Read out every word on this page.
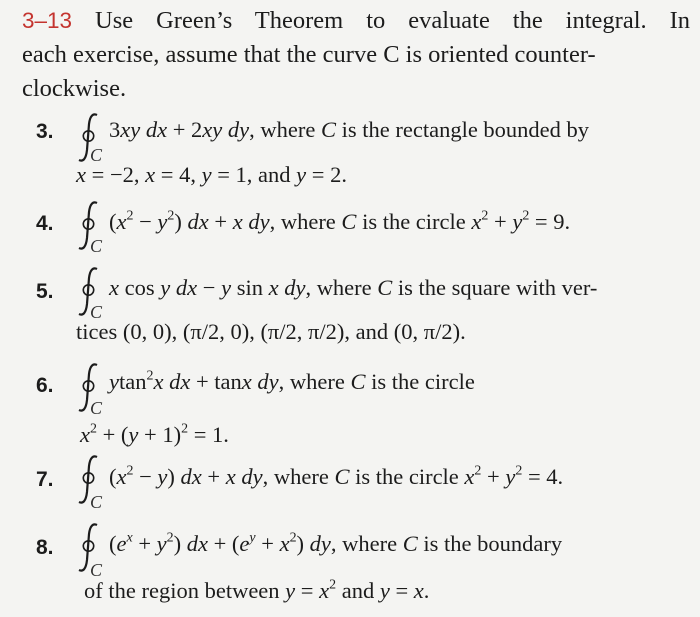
3–13 Use Green’s Theorem to evaluate the integral. In
each exercise, assume that the curve C is oriented counter-
clockwise.
3.
C
3xy dx + 2xy dy, where C is the rectangle bounded by
x = −2, x = 4, y = 1, and y = 2.
4.
C
$(x^2 - y^2)$ dx + x dy, where C is the circle $x^2 + y^2 = 9$.
5.
C
x cos y dx − y sin x dy, where C is the square with ver-
tices (0, 0), (π/2, 0), (π/2, π/2), and (0, π/2).
6.
C
ytan$^2$x dx + tanx dy, where C is the circle
$x^2 + (y + 1)^2 = 1$.
7.
C
$(x^2 - y)$ dx + x dy, where C is the circle $x^2 + y^2 = 4$.
8.
C
$(e^x + y^2)$ dx + $(e^y + x^2)$ dy, where C is the boundary
of the region between $y = x^2$ and y = x.
